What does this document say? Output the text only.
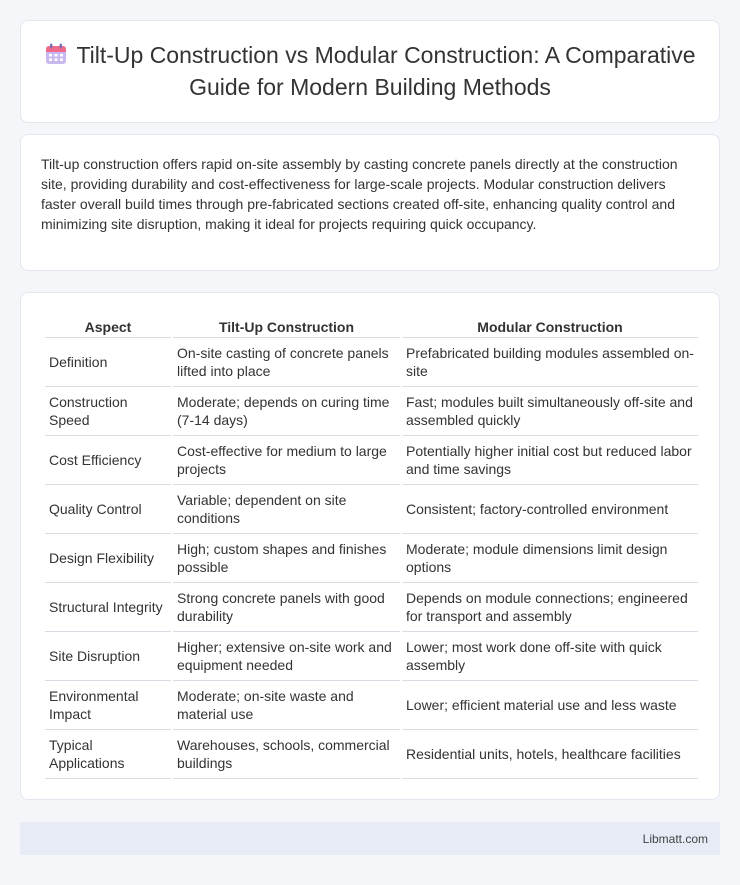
Tilt-Up Construction vs Modular Construction: A Comparative Guide for Modern Building Methods

Tilt-up construction offers rapid on-site assembly by casting concrete panels directly at the construction site, providing durability and cost-effectiveness for large-scale projects. Modular construction delivers faster overall build times through pre-fabricated sections created off-site, enhancing quality control and minimizing site disruption, making it ideal for projects requiring quick occupancy.

Aspect	Tilt-Up Construction	Modular Construction
Definition	On-site casting of concrete panels lifted into place	Prefabricated building modules assembled on-site
Construction Speed	Moderate; depends on curing time (7-14 days)	Fast; modules built simultaneously off-site and assembled quickly
Cost Efficiency	Cost-effective for medium to large projects	Potentially higher initial cost but reduced labor and time savings
Quality Control	Variable; dependent on site conditions	Consistent; factory-controlled environment
Design Flexibility	High; custom shapes and finishes possible	Moderate; module dimensions limit design options
Structural Integrity	Strong concrete panels with good durability	Depends on module connections; engineered for transport and assembly
Site Disruption	Higher; extensive on-site work and equipment needed	Lower; most work done off-site with quick assembly
Environmental Impact	Moderate; on-site waste and material use	Lower; efficient material use and less waste
Typical Applications	Warehouses, schools, commercial buildings	Residential units, hotels, healthcare facilities
Libmatt.com
